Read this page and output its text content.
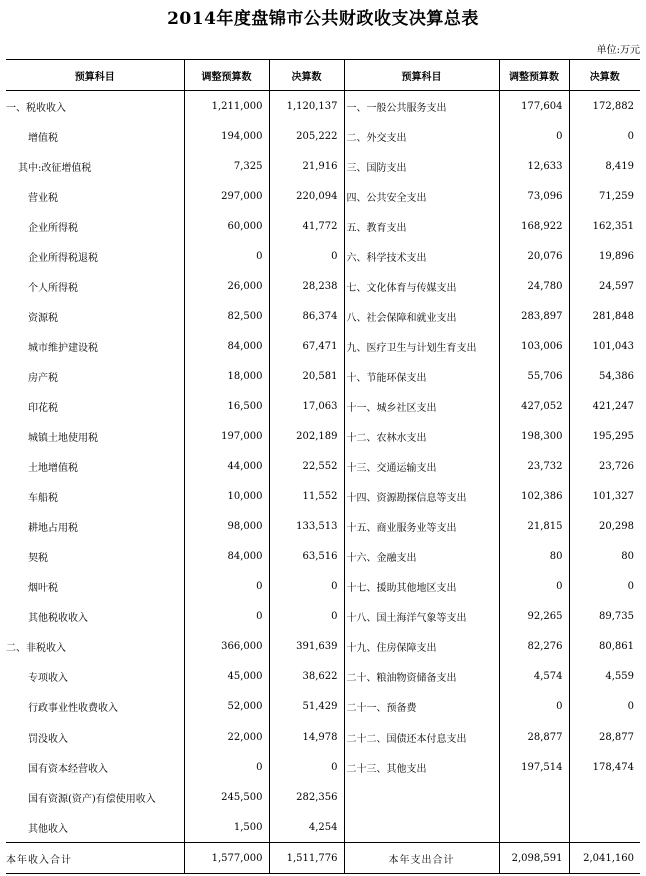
2014年度盘锦市公共财政收支决算总表
单位:万元
预算科目	调整预算数	决算数	预算科目	调整预算数	决算数
一、税收收入	1,211,000	1,120,137	一、一般公共服务支出	177,604	172,882
增值税	194,000	205,222	二、外交支出	0	0
其中:改征增值税	7,325	21,916	三、国防支出	12,633	8,419
营业税	297,000	220,094	四、公共安全支出	73,096	71,259
企业所得税	60,000	41,772	五、教育支出	168,922	162,351
企业所得税退税	0	0	六、科学技术支出	20,076	19,896
个人所得税	26,000	28,238	七、文化体育与传媒支出	24,780	24,597
资源税	82,500	86,374	八、社会保障和就业支出	283,897	281,848
城市维护建设税	84,000	67,471	九、医疗卫生与计划生育支出	103,006	101,043
房产税	18,000	20,581	十、节能环保支出	55,706	54,386
印花税	16,500	17,063	十一、城乡社区支出	427,052	421,247
城镇土地使用税	197,000	202,189	十二、农林水支出	198,300	195,295
土地增值税	44,000	22,552	十三、交通运输支出	23,732	23,726
车船税	10,000	11,552	十四、资源勘探信息等支出	102,386	101,327
耕地占用税	98,000	133,513	十五、商业服务业等支出	21,815	20,298
契税	84,000	63,516	十六、金融支出	80	80
烟叶税	0	0	十七、援助其他地区支出	0	0
其他税收收入	0	0	十八、国土海洋气象等支出	92,265	89,735
二、非税收入	366,000	391,639	十九、住房保障支出	82,276	80,861
专项收入	45,000	38,622	二十、粮油物资储备支出	4,574	4,559
行政事业性收费收入	52,000	51,429	二十一、预备费	0	0
罚没收入	22,000	14,978	二十二、国债还本付息支出	28,877	28,877
国有资本经营收入	0	0	二十三、其他支出	197,514	178,474
国有资源(资产)有偿使用收入	245,500	282,356			
其他收入	1,500	4,254			
本年收入合计	1,577,000	1,511,776	本年支出合计	2,098,591	2,041,160
